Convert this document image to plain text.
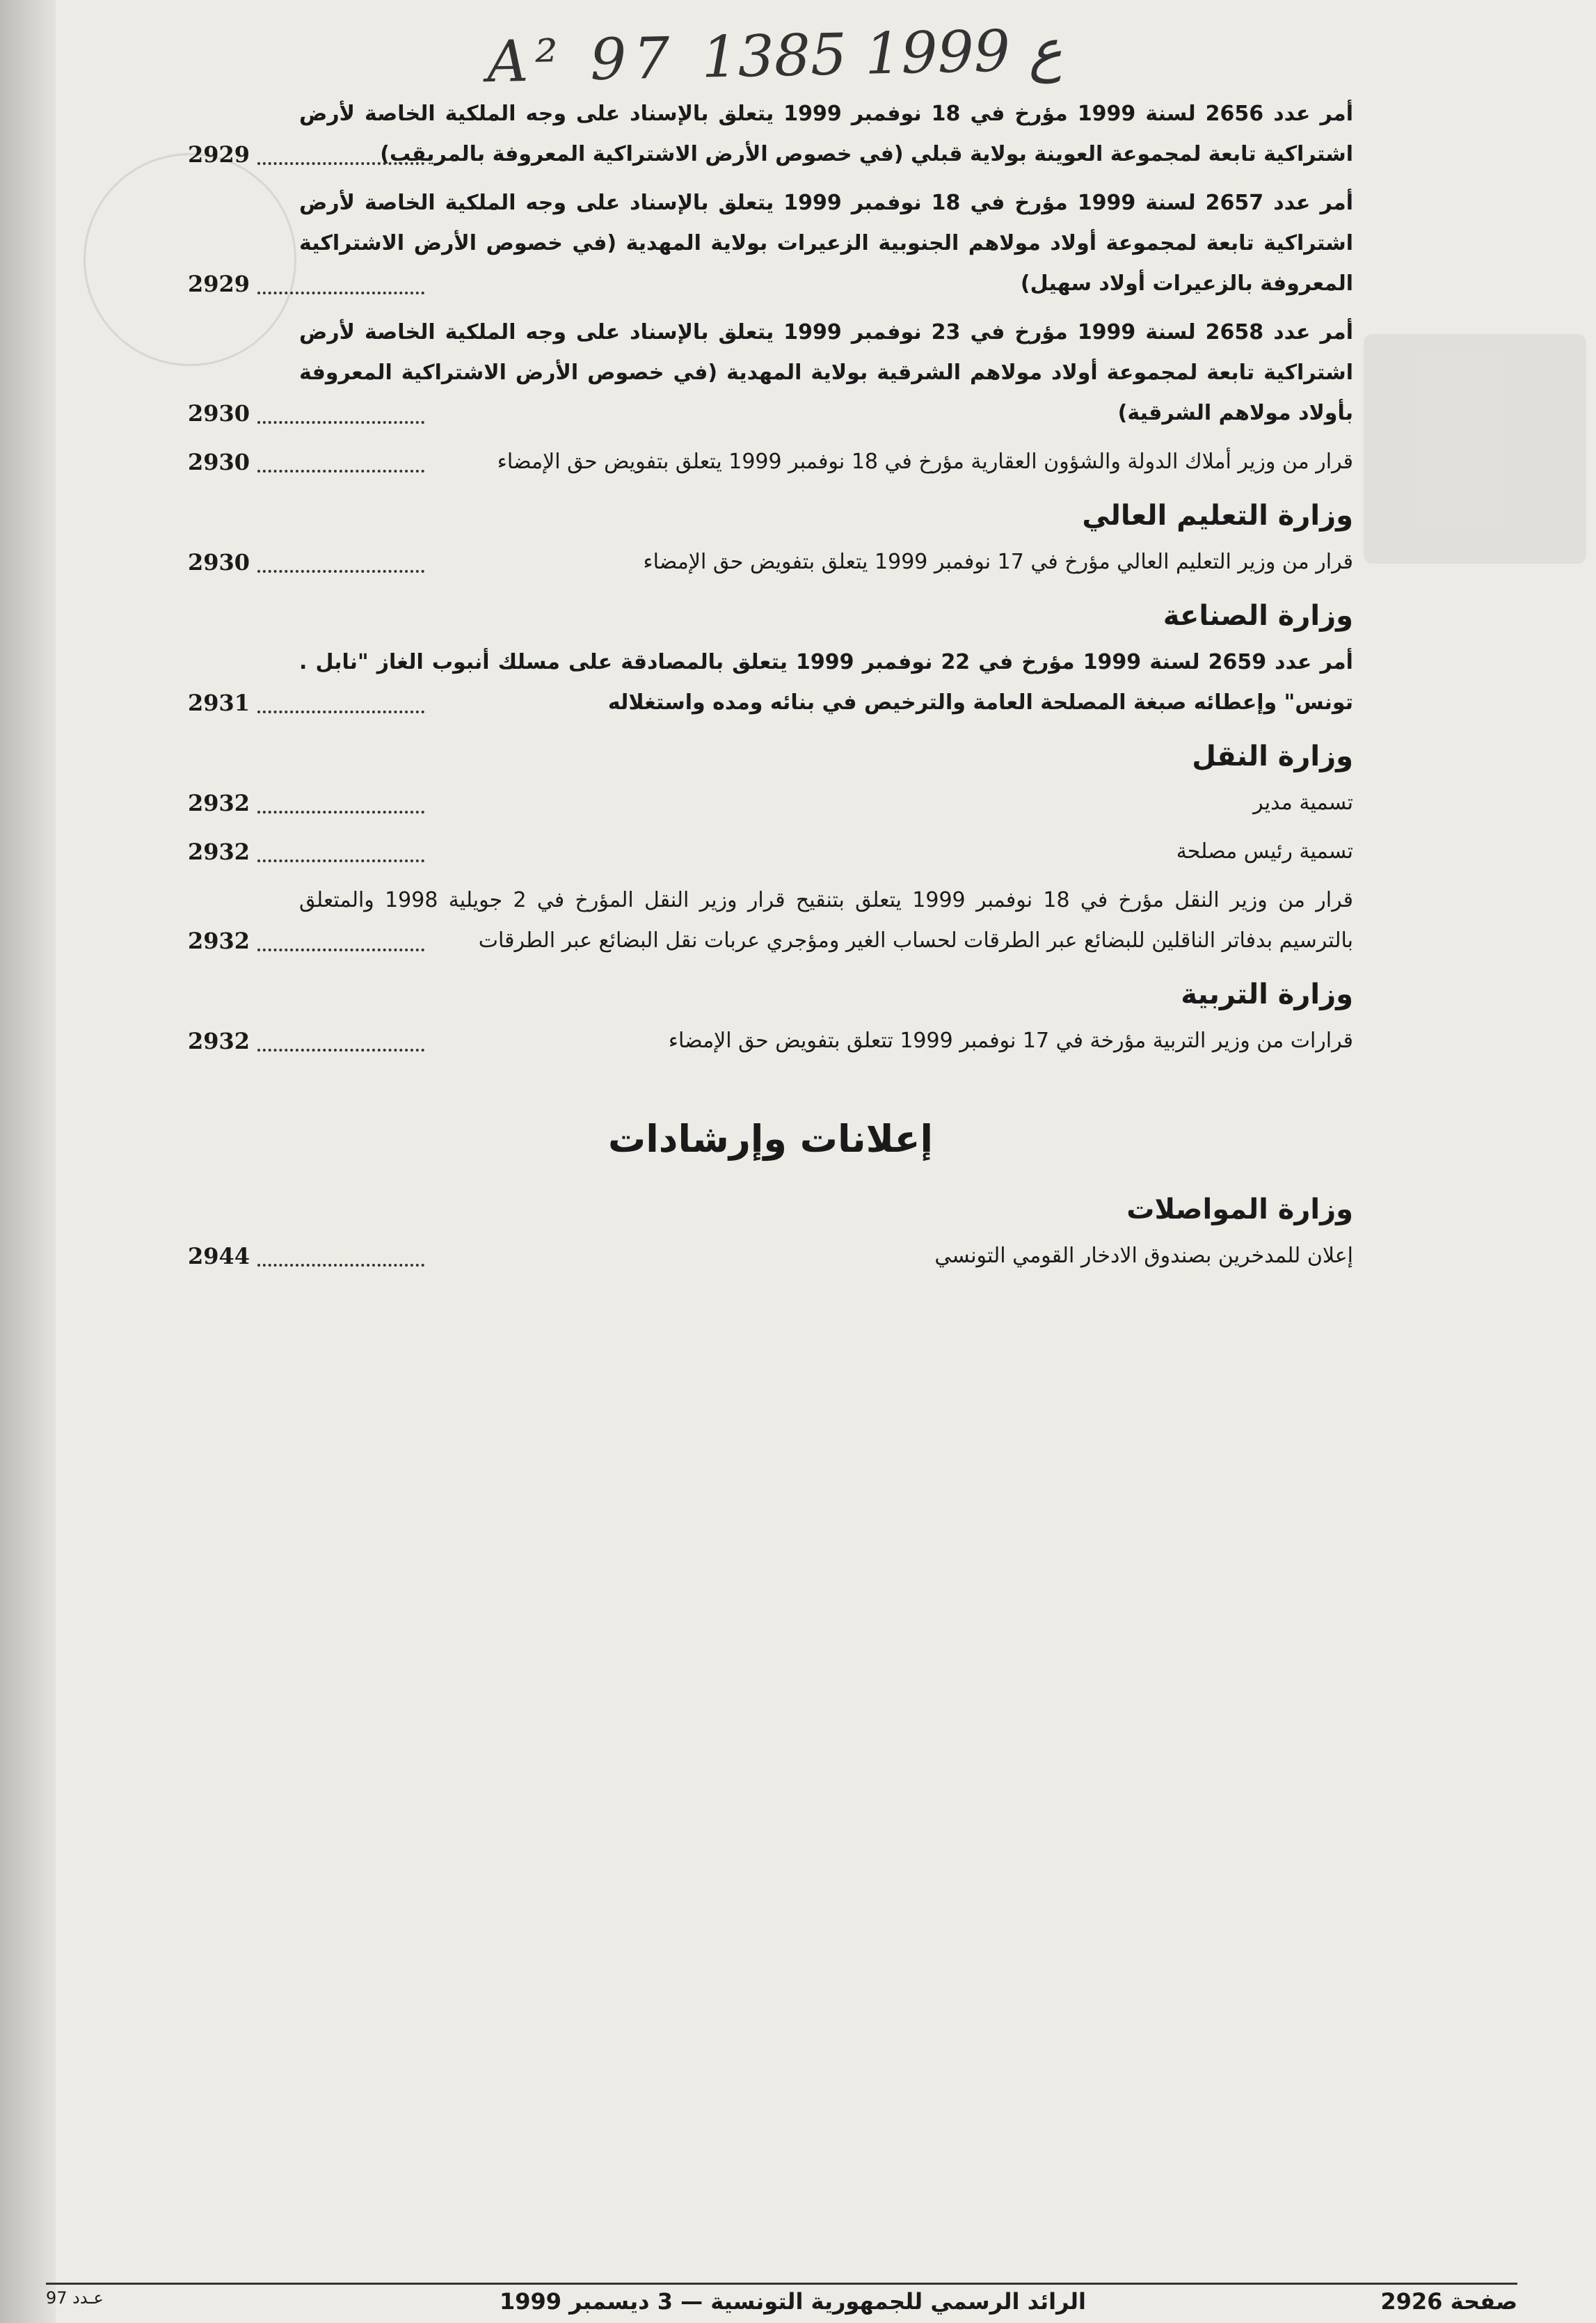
A² 97 ع 1999 1385
أمر عدد 2656 لسنة 1999 مؤرخ في 18 نوفمبر 1999 يتعلق بالإسناد على وجه الملكية الخاصة لأرض اشتراكية تابعة لمجموعة العوينة بولاية قبلي (في خصوص الأرض الاشتراكية المعروفة بالمريقب)
2929
أمر عدد 2657 لسنة 1999 مؤرخ في 18 نوفمبر 1999 يتعلق بالإسناد على وجه الملكية الخاصة لأرض اشتراكية تابعة لمجموعة أولاد مولاهم الجنوبية الزعيرات بولاية المهدية (في خصوص الأرض الاشتراكية المعروفة بالزعيرات أولاد سهيل)
2929
أمر عدد 2658 لسنة 1999 مؤرخ في 23 نوفمبر 1999 يتعلق بالإسناد على وجه الملكية الخاصة لأرض اشتراكية تابعة لمجموعة أولاد مولاهم الشرقية بولاية المهدية (في خصوص الأرض الاشتراكية المعروفة بأولاد مولاهم الشرقية)
2930
قرار من وزير أملاك الدولة والشؤون العقارية مؤرخ في 18 نوفمبر 1999 يتعلق بتفويض حق الإمضاء
2930
وزارة التعليم العالي
قرار من وزير التعليم العالي مؤرخ في 17 نوفمبر 1999 يتعلق بتفويض حق الإمضاء
2930
وزارة الصناعة
أمر عدد 2659 لسنة 1999 مؤرخ في 22 نوفمبر 1999 يتعلق بالمصادقة على مسلك أنبوب الغاز "نابل . تونس" وإعطائه صبغة المصلحة العامة والترخيص في بنائه ومده واستغلاله
2931
وزارة النقل
تسمية مدير
2932
تسمية رئيس مصلحة
2932
قرار من وزير النقل مؤرخ في 18 نوفمبر 1999 يتعلق بتنقيح قرار وزير النقل المؤرخ في 2 جويلية 1998 والمتعلق بالترسيم بدفاتر الناقلين للبضائع عبر الطرقات لحساب الغير ومؤجري عربات نقل البضائع عبر الطرقات
2932
وزارة التربية
قرارات من وزير التربية مؤرخة في 17 نوفمبر 1999 تتعلق بتفويض حق الإمضاء
2932
إعلانات وإرشادات
وزارة المواصلات
إعلان للمدخرين بصندوق الادخار القومي التونسي
2944
صفحة 2926
الرائد الرسمي للجمهورية التونسية — 3 ديسمبر 1999
عـدد 97
